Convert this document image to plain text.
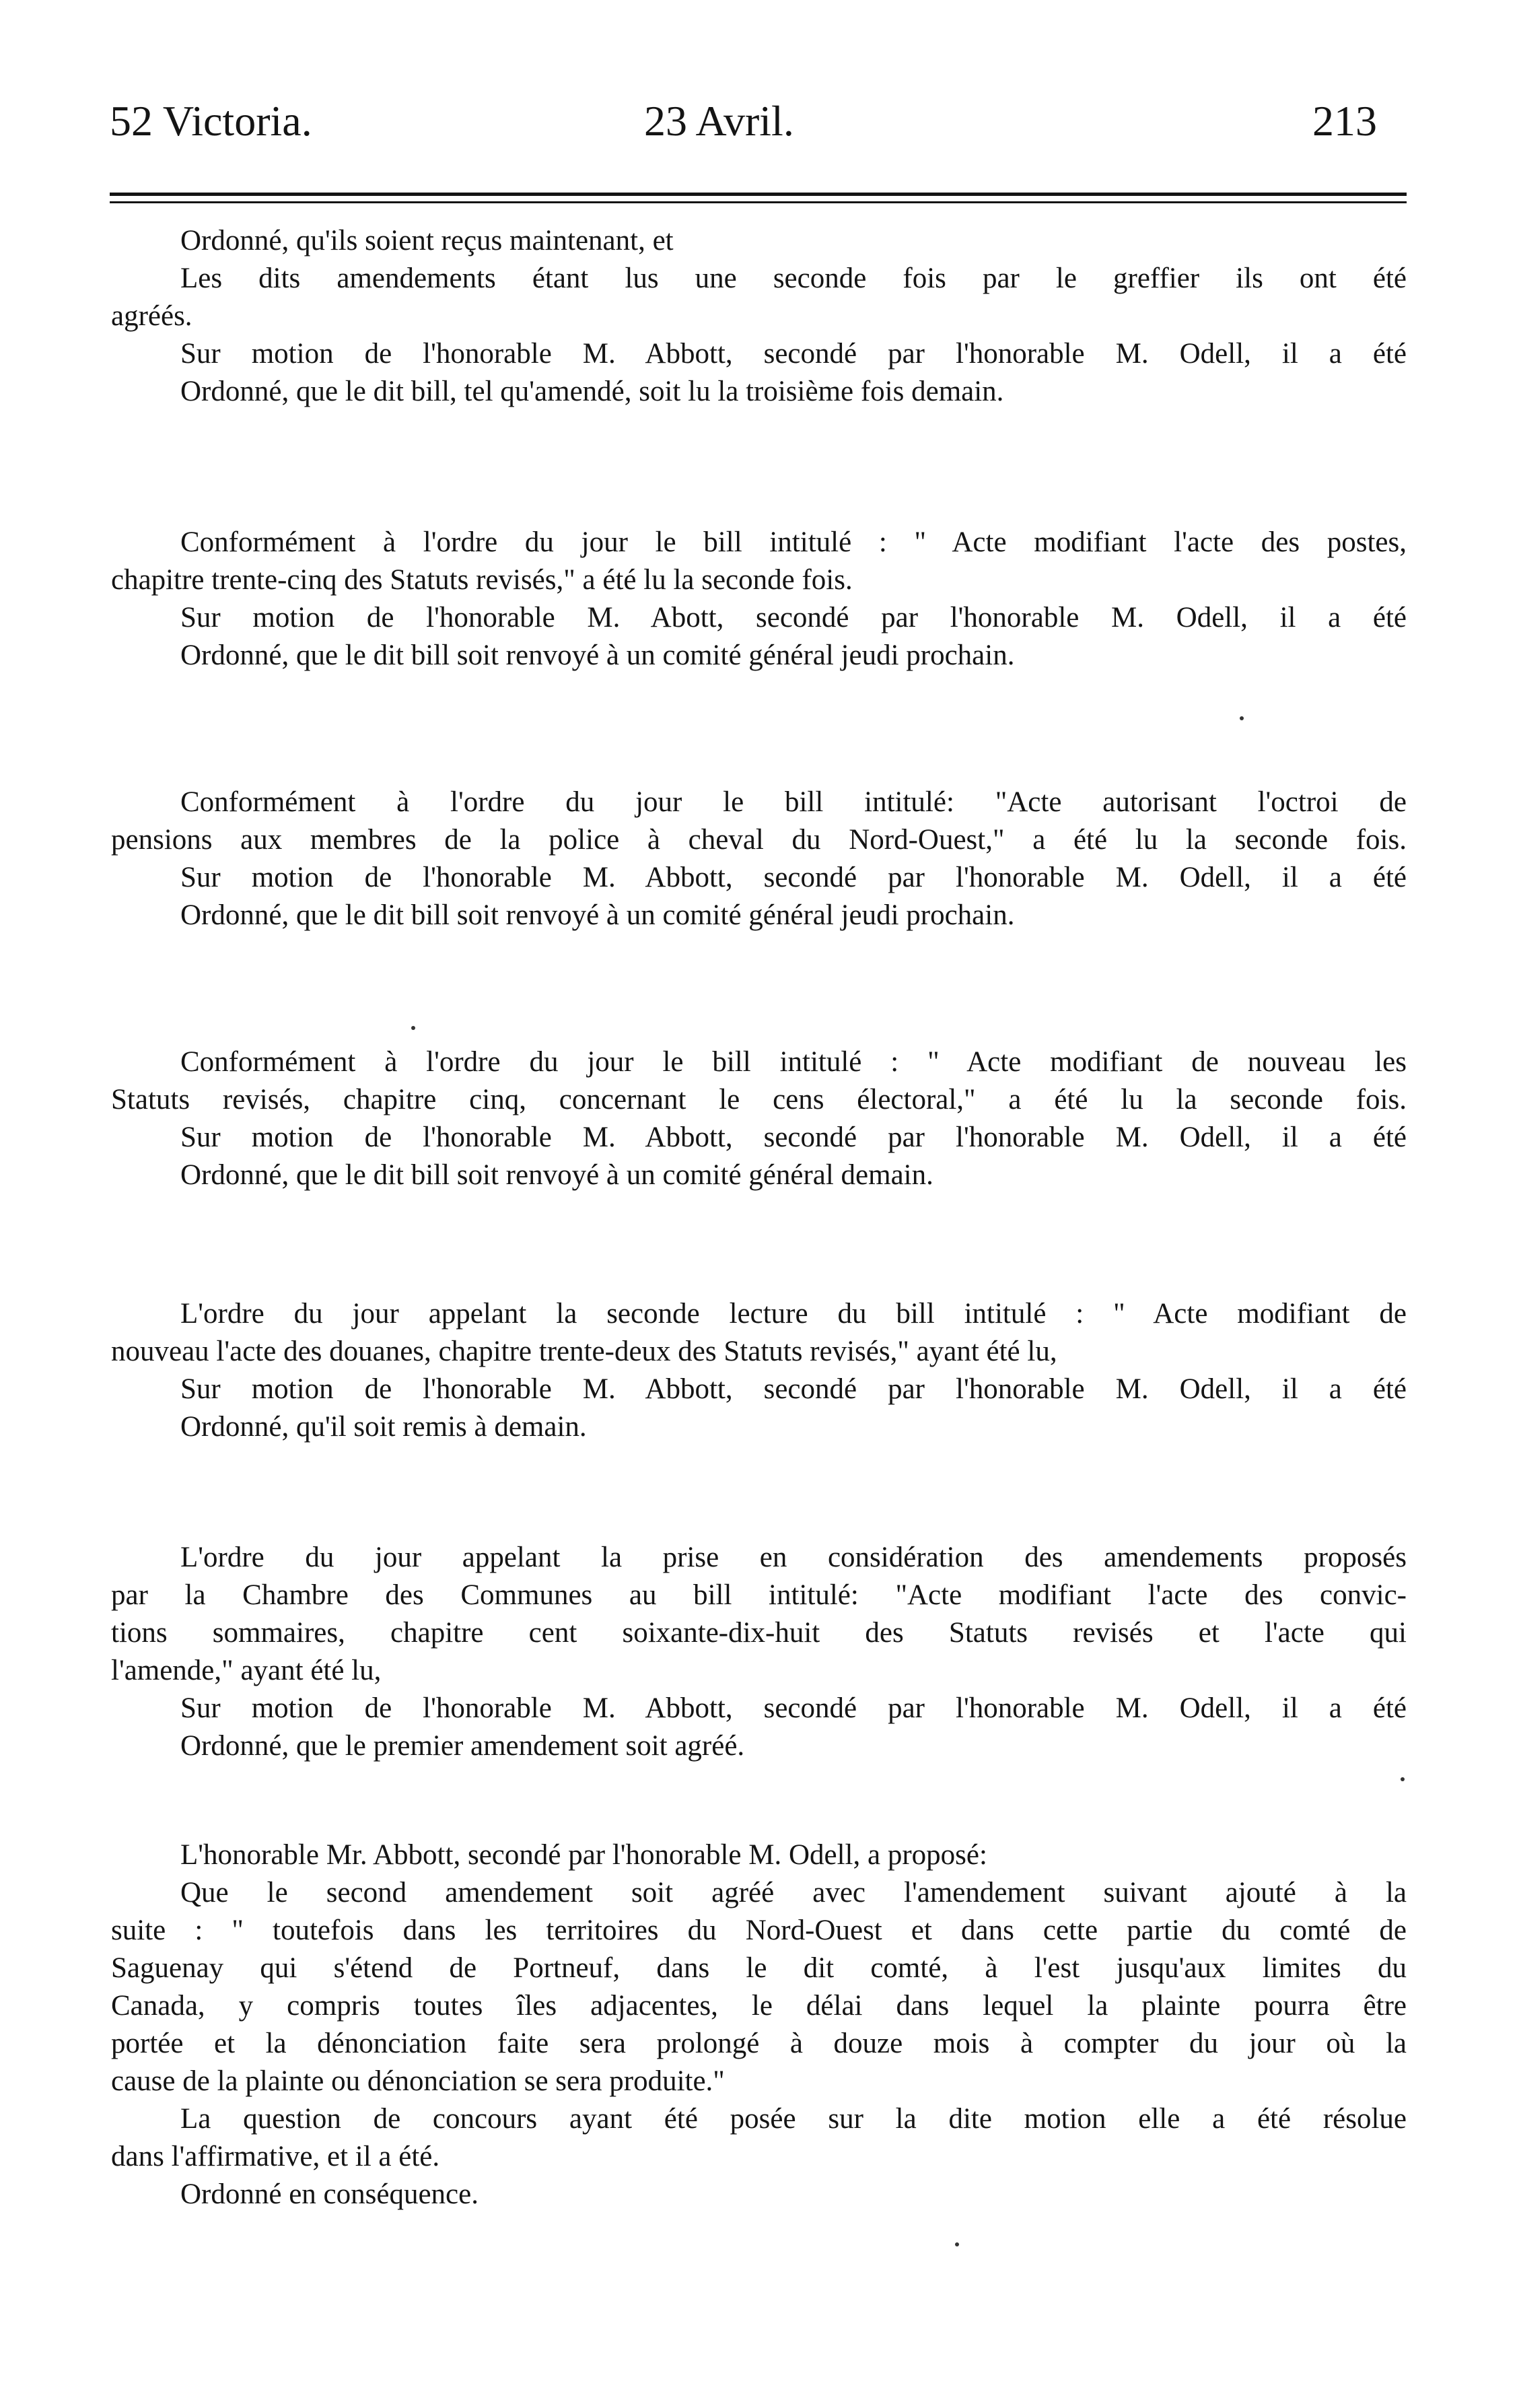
52 Victoria.	23 Avril.	213
Ordonné, qu'ils soient reçus maintenant, et
Les dits amendements étant lus une seconde fois par le greffier ils ont été
agréés.
Sur motion de l'honorable M. Abbott, secondé par l'honorable M. Odell, il a été
Ordonné, que le dit bill, tel qu'amendé, soit lu la troisième fois demain.
Conformément à l'ordre du jour le bill intitulé : " Acte modifiant l'acte des postes,
chapitre trente-cinq des Statuts revisés," a été lu la seconde fois.
Sur motion de l'honorable M. Abott, secondé par l'honorable M. Odell, il a été
Ordonné, que le dit bill soit renvoyé à un comité général jeudi prochain.
Conformément à l'ordre du jour le bill intitulé: "Acte autorisant l'octroi de
pensions aux membres de la police à cheval du Nord-Ouest," a été lu la seconde fois.
Sur motion de l'honorable M. Abbott, secondé par l'honorable M. Odell, il a été
Ordonné, que le dit bill soit renvoyé à un comité général jeudi prochain.
Conformément à l'ordre du jour le bill intitulé : " Acte modifiant de nouveau les
Statuts revisés, chapitre cinq, concernant le cens électoral," a été lu la seconde fois.
Sur motion de l'honorable M. Abbott, secondé par l'honorable M. Odell, il a été
Ordonné, que le dit bill soit renvoyé à un comité général demain.
L'ordre du jour appelant la seconde lecture du bill intitulé : " Acte modifiant de
nouveau l'acte des douanes, chapitre trente-deux des Statuts revisés," ayant été lu,
Sur motion de l'honorable M. Abbott, secondé par l'honorable M. Odell, il a été
Ordonné, qu'il soit remis à demain.
L'ordre du jour appelant la prise en considération des amendements proposés
par la Chambre des Communes au bill intitulé: "Acte modifiant l'acte des convic-
tions sommaires, chapitre cent soixante-dix-huit des Statuts revisés et l'acte qui
l'amende," ayant été lu,
Sur motion de l'honorable M. Abbott, secondé par l'honorable M. Odell, il a été
Ordonné, que le premier amendement soit agréé.
L'honorable Mr. Abbott, secondé par l'honorable M. Odell, a proposé:
Que le second amendement soit agréé avec l'amendement suivant ajouté à la
suite : " toutefois dans les territoires du Nord-Ouest et dans cette partie du comté de
Saguenay qui s'étend de Portneuf, dans le dit comté, à l'est jusqu'aux limites du
Canada, y compris toutes îles adjacentes, le délai dans lequel la plainte pourra être
portée et la dénonciation faite sera prolongé à douze mois à compter du jour où la
cause de la plainte ou dénonciation se sera produite."
La question de concours ayant été posée sur la dite motion elle a été résolue
dans l'affirmative, et il a été.
Ordonné en conséquence.
